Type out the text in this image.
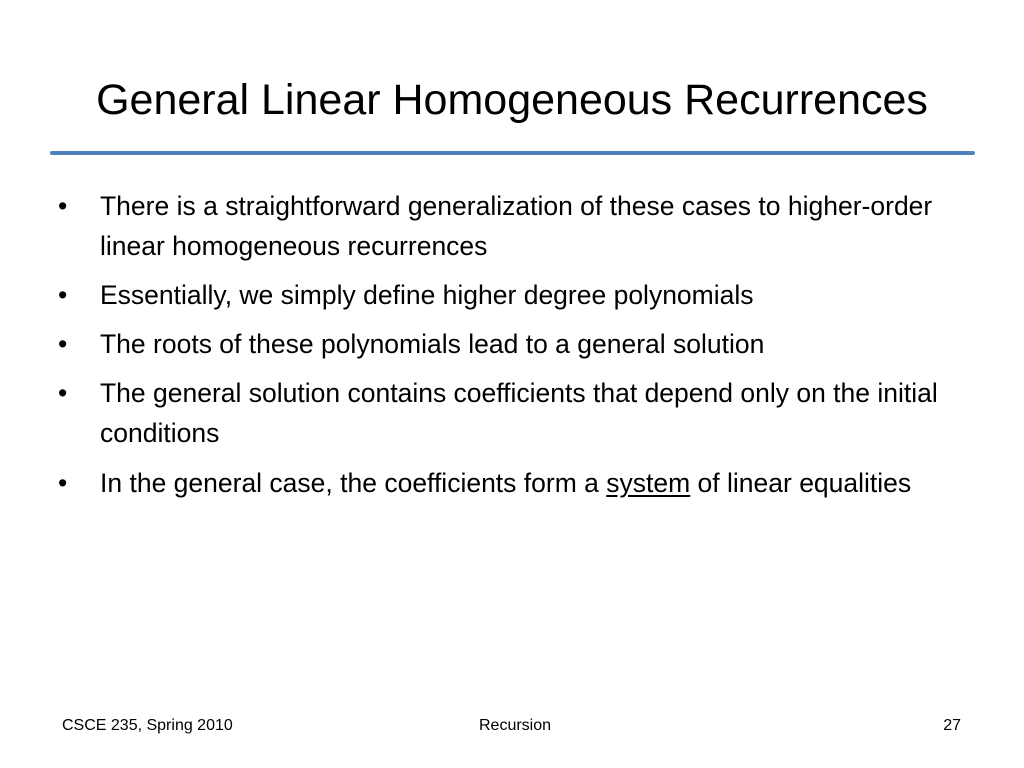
General Linear Homogeneous Recurrences
•	There is a straightforward generalization of these cases to higher-order linear homogeneous recurrences
•	Essentially, we simply define higher degree polynomials
•	The roots of these polynomials lead to a general solution
•	The general solution contains coefficients that depend only on the initial conditions
•	In the general case, the coefficients form a system of linear equalities
CSCE 235, Spring 2010	Recursion	27
